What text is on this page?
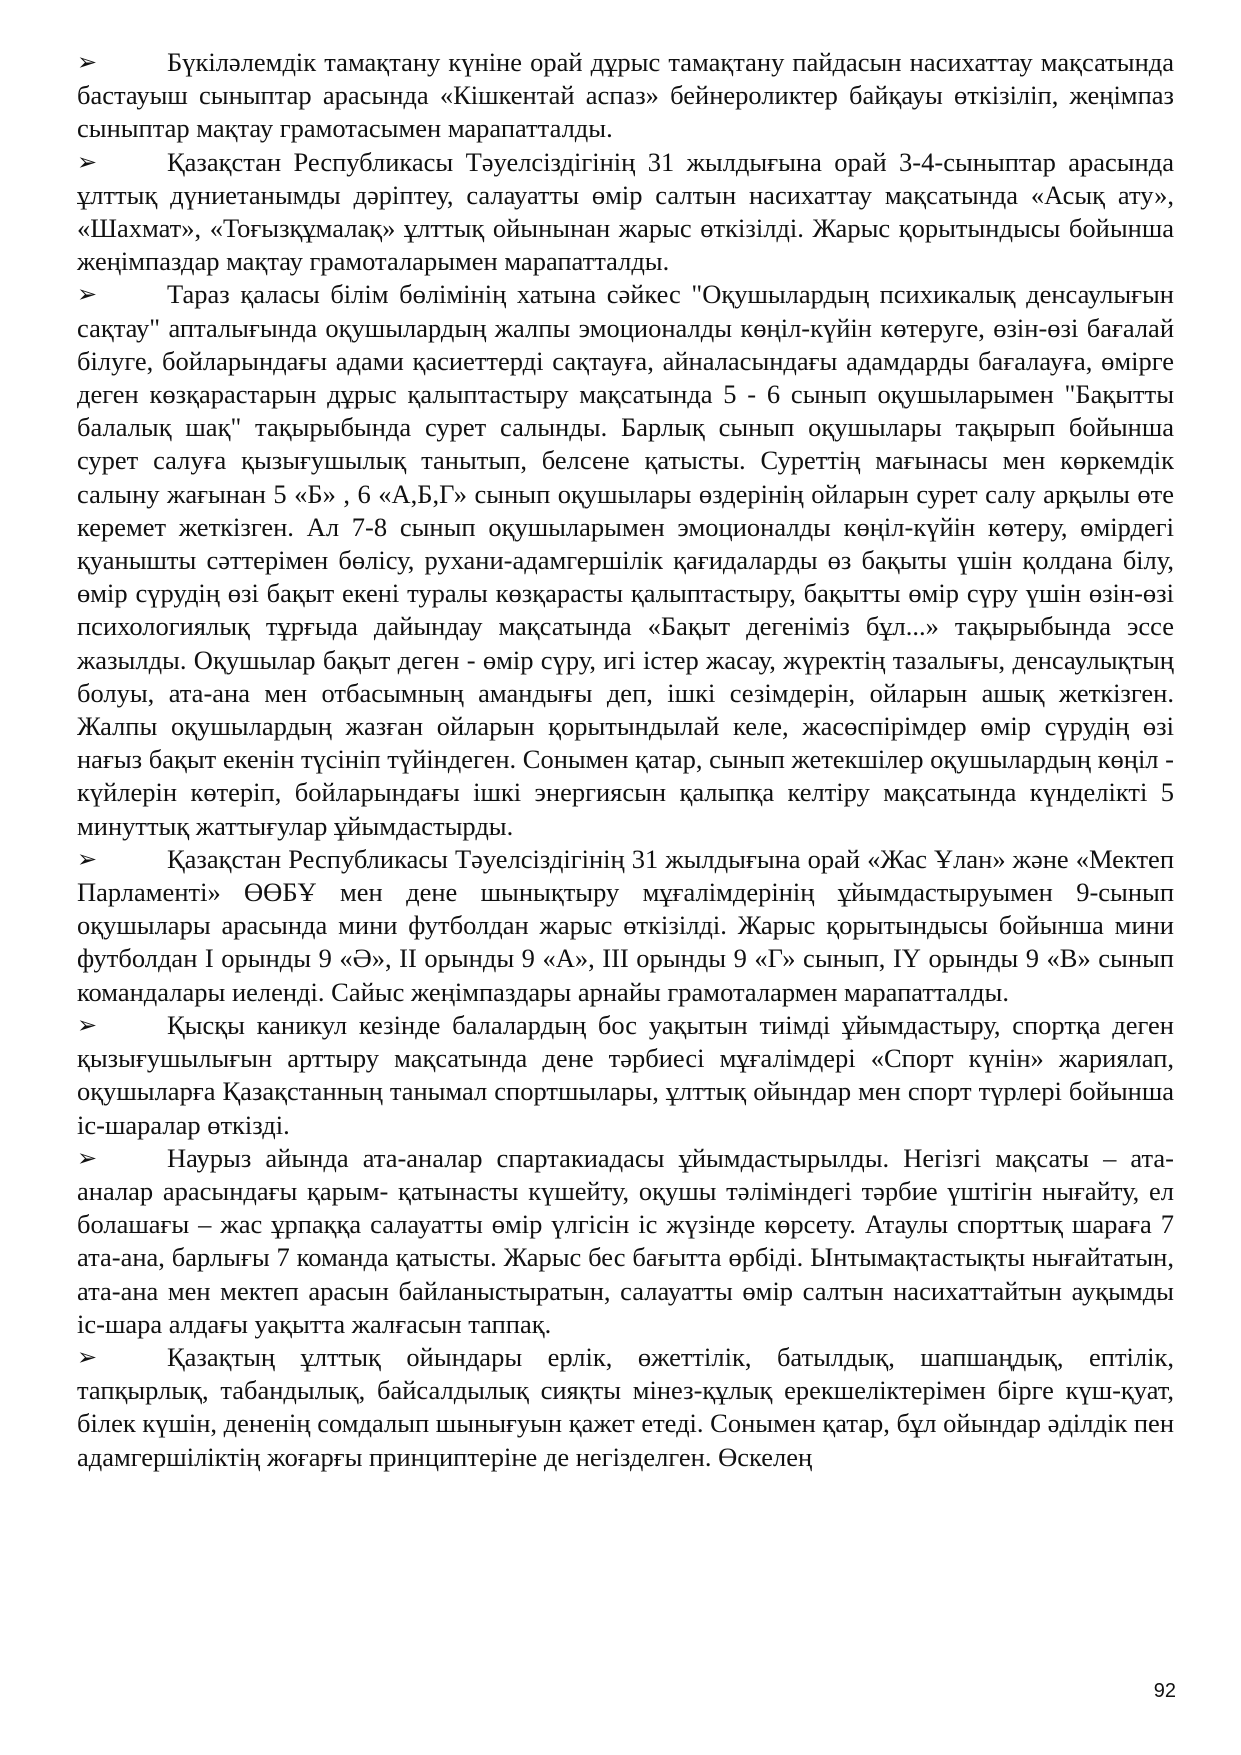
➢	Бүкіләлемдік тамақтану күніне орай дұрыс тамақтану пайдасын насихаттау мақсатында бастауыш сыныптар арасында «Кішкентай аспаз» бейнероликтер байқауы өткізіліп, жеңімпаз сыныптар мақтау грамотасымен марапатталды.

➢	Қазақстан Республикасы Тәуелсіздігінің 31 жылдығына орай 3-4-сыныптар арасында ұлттық дүниетанымды дәріптеу, салауатты өмір салтын насихаттау мақсатында «Асық ату», «Шахмат», «Тоғызқұмалақ» ұлттық ойынынан жарыс өткізілді. Жарыс қорытындысы бойынша жеңімпаздар мақтау грамоталарымен марапатталды.

➢	Тараз қаласы білім бөлімінің хатына сәйкес "Оқушылардың психикалық денсаулығын сақтау" апталығында оқушылардың жалпы эмоционалды көңіл-күйін көтеруге, өзін-өзі бағалай білуге, бойларындағы адами қасиеттерді сақтауға, айналасындағы адамдарды бағалауға, өмірге деген көзқарастарын дұрыс қалыптастыру мақсатында 5 - 6 сынып оқушыларымен "Бақытты балалық шақ" тақырыбында сурет салынды. Барлық сынып оқушылары тақырып бойынша сурет салуға қызығушылық танытып, белсене қатысты. Суреттің мағынасы мен көркемдік салыну жағынан 5 «Б» , 6 «А,Б,Г» сынып оқушылары өздерінің ойларын сурет салу арқылы өте керемет жеткізген. Ал 7-8 сынып оқушыларымен эмоционалды көңіл-күйін көтеру, өмірдегі қуанышты сәттерімен бөлісу, рухани-адамгершілік қағидаларды өз бақыты үшін қолдана білу, өмір сүрудің өзі бақыт екені туралы көзқарасты қалыптастыру, бақытты өмір сүру үшін өзін-өзі психологиялық тұрғыда дайындау мақсатында «Бақыт дегеніміз бұл...» тақырыбында эссе жазылды. Оқушылар бақыт деген - өмір сүру, игі істер жасау, жүректің тазалығы, денсаулықтың болуы, ата-ана мен отбасымның амандығы деп, ішкі сезімдерін, ойларын ашық жеткізген. Жалпы оқушылардың жазған ойларын қорытындылай келе, жасөспірімдер өмір сүрудің өзі нағыз бақыт екенін түсініп түйіндеген. Сонымен қатар, сынып жетекшілер оқушылардың көңіл - күйлерін көтеріп, бойларындағы ішкі энергиясын қалыпқа келтіру мақсатында күнделікті 5 минуттық жаттығулар ұйымдастырды.

➢	Қазақстан Республикасы Тәуелсіздігінің 31 жылдығына орай «Жас Ұлан» және «Мектеп Парламенті» ӨӨБҰ мен дене шынықтыру мұғалімдерінің ұйымдастыруымен 9-сынып оқушылары арасында мини футболдан жарыс өткізілді. Жарыс қорытындысы бойынша мини футболдан І орынды 9 «Ә», ІІ орынды 9 «А», ІІІ орынды 9 «Г» сынып, ІҮ орынды 9 «В» сынып командалары иеленді. Сайыс жеңімпаздары арнайы грамоталармен марапатталды.

➢	Қысқы каникул кезінде балалардың бос уақытын тиімді ұйымдастыру, спортқа деген қызығушылығын арттыру мақсатында дене тәрбиесі мұғалімдері «Спорт күнін» жариялап, оқушыларға Қазақстанның танымал спортшылары, ұлттық ойындар мен спорт түрлері бойынша іс-шаралар өткізді.

➢	Наурыз айында ата-аналар спартакиадасы ұйымдастырылды. Негізгі мақсаты – ата-аналар арасындағы қарым- қатынасты күшейту, оқушы тәліміндегі тәрбие үштігін нығайту, ел болашағы – жас ұрпаққа салауатты өмір үлгісін іс жүзінде көрсету. Атаулы спорттық шараға 7 ата-ана, барлығы 7 команда қатысты. Жарыс бес бағытта өрбіді. Ынтымақтастықты нығайтатын, ата-ана мен мектеп арасын байланыстыратын, салауатты өмір салтын насихаттайтын ауқымды іс-шара алдағы уақытта жалғасын таппақ.

➢	Қазақтың ұлттық ойындары ерлік, өжеттілік, батылдық, шапшаңдық, ептілік, тапқырлық, табандылық, байсалдылық сияқты мінез-құлық ерекшеліктерімен бірге күш-қуат, білек күшін, дененің сомдалып шынығуын қажет етеді. Сонымен қатар, бұл ойындар әділдік пен адамгершіліктің жоғарғы принциптеріне де негізделген. Өскелең

92
